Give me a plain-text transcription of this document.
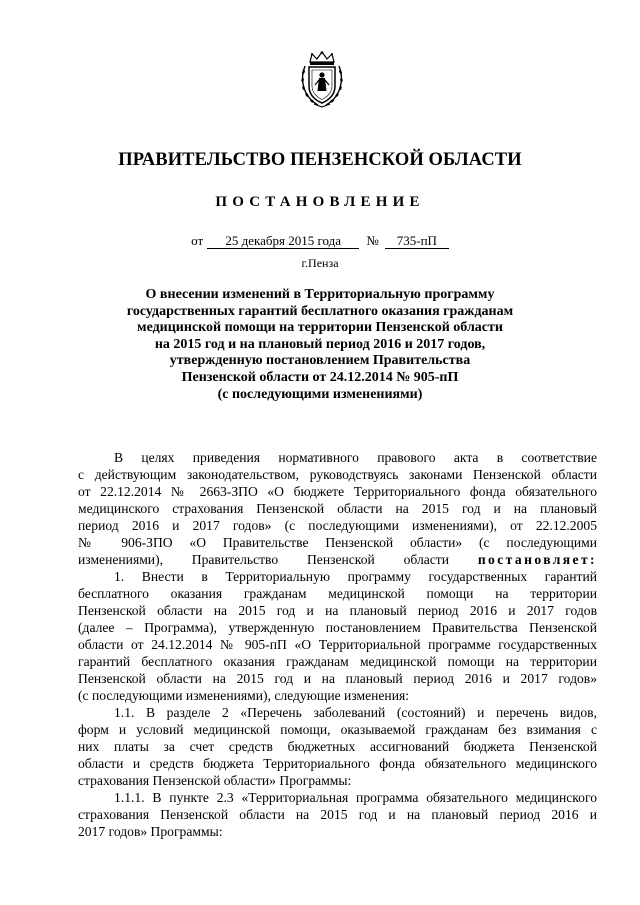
ПРАВИТЕЛЬСТВО ПЕНЗЕНСКОЙ ОБЛАСТИ
ПОСТАНОВЛЕНИЕ
от 25 декабря 2015 года № 735-пП
г.Пенза
О внесении изменений в Территориальную программу
государственных гарантий бесплатного оказания гражданам
медицинской помощи на территории Пензенской области
на 2015 год и на плановый период 2016 и 2017 годов,
утвержденную постановлением Правительства
Пензенской области от 24.12.2014 № 905-пП
(с последующими изменениями)

В целях приведения нормативного правового акта в соответствие

с действующим законодательством, руководствуясь законами Пензенской области

от 22.12.2014 № 2663-ЗПО «О бюджете Территориального фонда обязательного

медицинского страхования Пензенской области на 2015 год и на плановый

период 2016 и 2017 годов» (с последующими изменениями), от 22.12.2005

№ 906-ЗПО «О Правительстве Пензенской области» (с последующими

изменениями), Правительство Пензенской области постановляет:

1. Внести в Территориальную программу государственных гарантий

бесплатного оказания гражданам медицинской помощи на территории

Пензенской области на 2015 год и на плановый период 2016 и 2017 годов

(далее – Программа), утвержденную постановлением Правительства Пензенской

области от 24.12.2014 № 905-пП «О Территориальной программе государственных

гарантий бесплатного оказания гражданам медицинской помощи на территории

Пензенской области на 2015 год и на плановый период 2016 и 2017 годов»

(с последующими изменениями), следующие изменения:

1.1. В разделе 2 «Перечень заболеваний (состояний) и перечень видов,

форм и условий медицинской помощи, оказываемой гражданам без взимания с

них платы за счет средств бюджетных ассигнований бюджета Пензенской

области и средств бюджета Территориального фонда обязательного медицинского

страхования Пензенской области» Программы:

1.1.1. В пункте 2.3 «Территориальная программа обязательного медицинского

страхования Пензенской области на 2015 год и на плановый период 2016 и

2017 годов» Программы:
